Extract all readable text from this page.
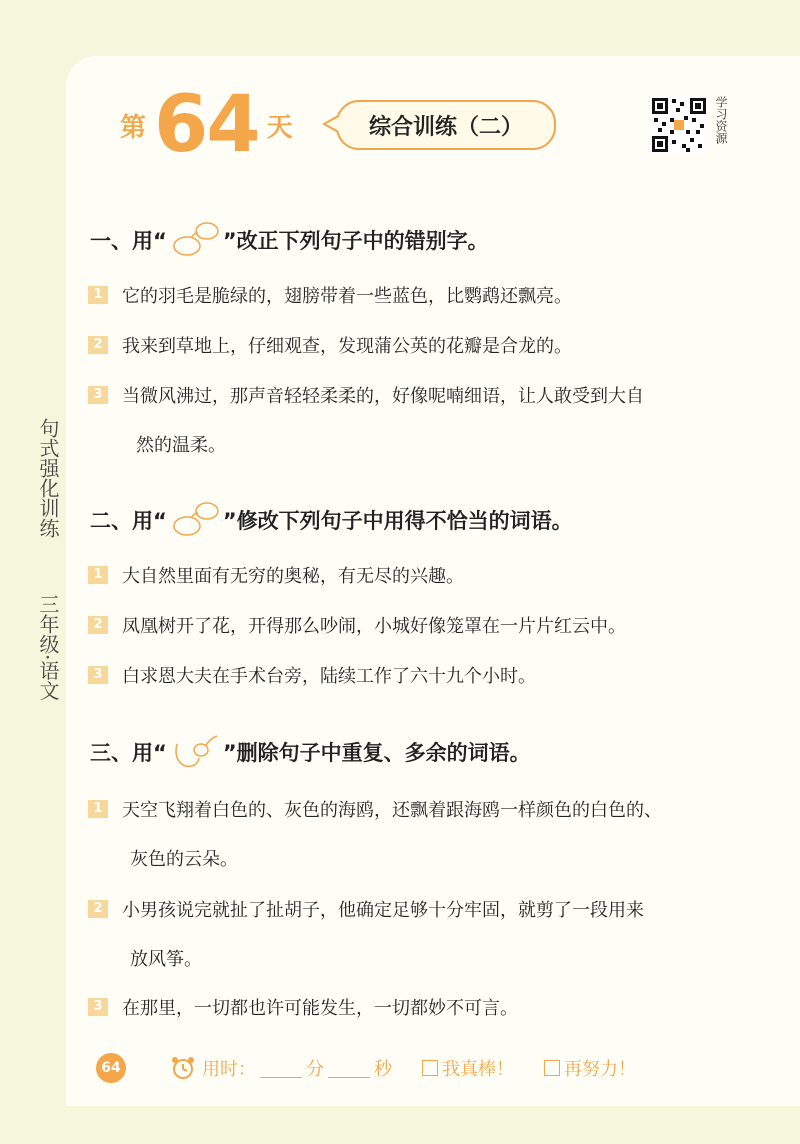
第 64 天	综合训练（二）	学习资源
句式强化训练
三年级·语文
一、用“	”改正下列句子中的错别字。
1 它的羽毛是脆绿的，翅膀带着一些蓝色，比鹦鹉还飘亮。
2 我来到草地上，仔细观查，发现蒲公英的花瓣是合龙的。
3 当微风沸过，那声音轻轻柔柔的，好像呢喃细语，让人敢受到大自
然的温柔。
二、用“	”修改下列句子中用得不恰当的词语。
1 大自然里面有无穷的奥秘，有无尽的兴趣。
2 凤凰树开了花，开得那么吵闹，小城好像笼罩在一片片红云中。
3 白求恩大夫在手术台旁，陆续工作了六十九个小时。
三、用“	”删除句子中重复、多余的词语。
1 天空飞翔着白色的、灰色的海鸥，还飘着跟海鸥一样颜色的白色的、
灰色的云朵。
2 小男孩说完就扯了扯胡子，他确定足够十分牢固，就剪了一段用来
放风筝。
3 在那里，一切都也许可能发生，一切都妙不可言。
64	用时：	分	秒	我真棒！	再努力！
